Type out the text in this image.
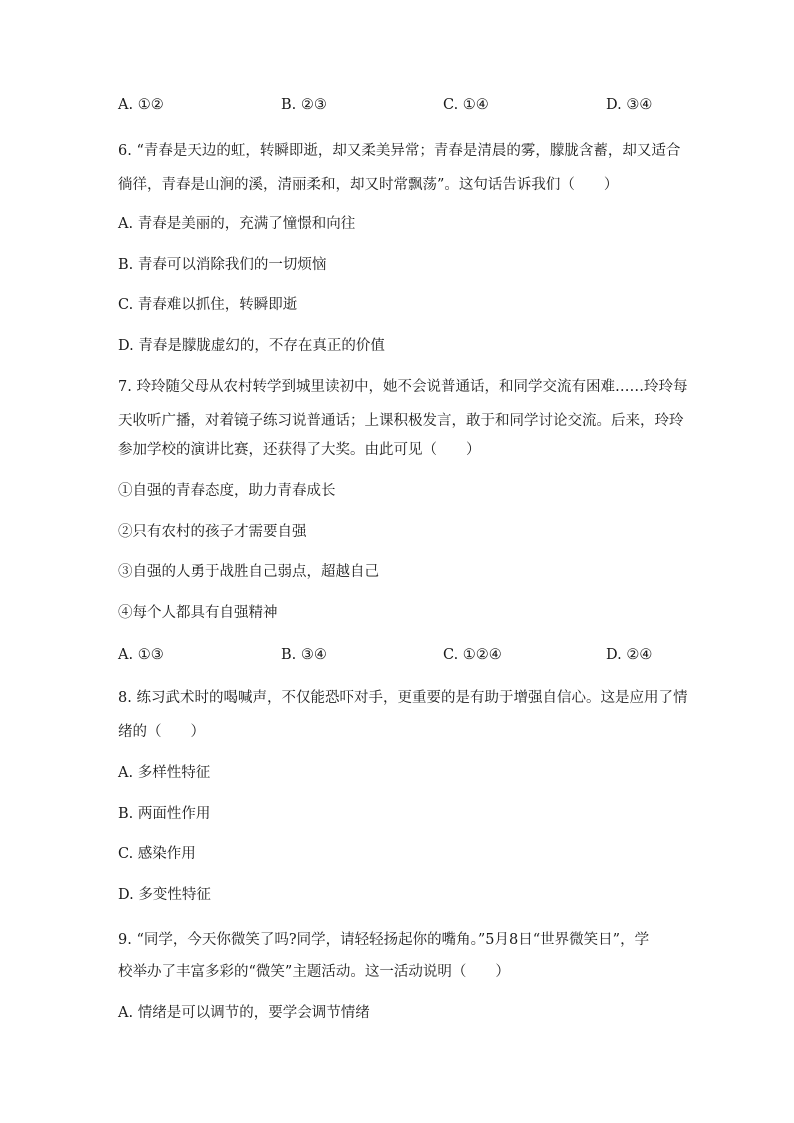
A. ①②	B. ②③	C. ①④	D. ③④
6. “青春是天边的虹，转瞬即逝，却又柔美异常；青春是清晨的雾，朦胧含蓄，却又适合
徜徉，青春是山涧的溪，清丽柔和，却又时常飘荡”。这句话告诉我们（　　）
A. 青春是美丽的，充满了憧憬和向往
B. 青春可以消除我们的一切烦恼
C. 青春难以抓住，转瞬即逝
D. 青春是朦胧虚幻的，不存在真正的价值
7. 玲玲随父母从农村转学到城里读初中，她不会说普通话，和同学交流有困难……玲玲每
天收听广播，对着镜子练习说普通话；上课积极发言，敢于和同学讨论交流。后来，玲玲
参加学校的演讲比赛，还获得了大奖。由此可见（　　）
①自强的青春态度，助力青春成长
②只有农村的孩子才需要自强
③自强的人勇于战胜自己弱点，超越自己
④每个人都具有自强精神
A. ①③	B. ③④	C. ①②④	D. ②④
8. 练习武术时的喝喊声，不仅能恐吓对手，更重要的是有助于增强自信心。这是应用了情
绪的（　　）
A. 多样性特征
B. 两面性作用
C. 感染作用
D. 多变性特征
9. “同学，今天你微笑了吗?同学，请轻轻扬起你的嘴角。”5月8日“世界微笑日”，学
校举办了丰富多彩的“微笑”主题活动。这一活动说明（　　）
A. 情绪是可以调节的，要学会调节情绪
